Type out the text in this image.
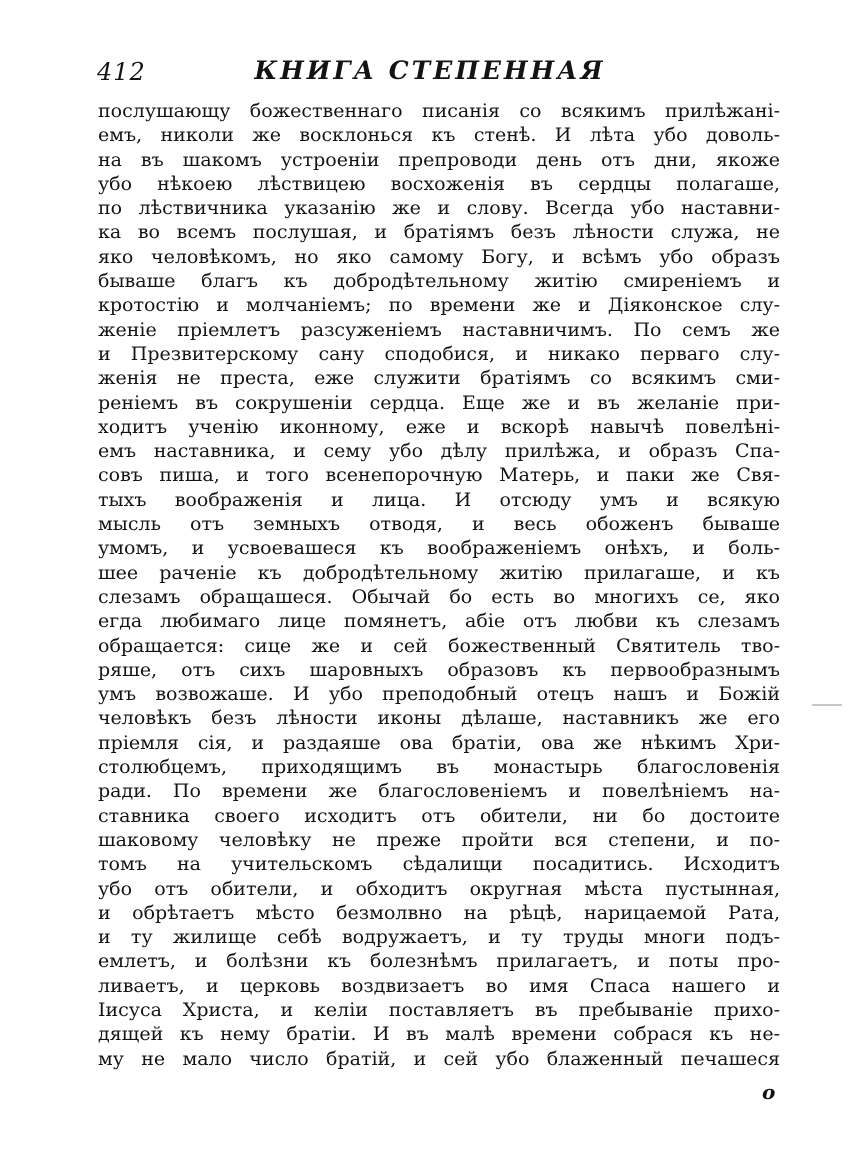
412	КНИГА СТЕПЕННАЯ
послушающу божественнаго писанія со всякимъ прилѣжані-
емъ, николи же восклонься къ стенѣ. И лѣта убо доволь-
на въ шакомъ устроеніи препроводи день отъ дни, якоже
убо нѣкоею лѣствицею восхоженія въ сердцы полагаше,
по лѣствичника указанію же и слову. Всегда убо наставни-
ка во всемъ послушая, и братіямъ безъ лѣности служа, не
яко человѣкомъ, но яко самому Богу, и всѣмъ убо образъ
бываше благъ къ добродѣтельному житію смиреніемъ и
кротостію и молчаніемъ; по времени же и Діяконское слу-
женіе пріемлетъ разсуженіемъ наставничимъ. По семъ же
и Презвитерскому сану сподобися, и никако перваго слу-
женія не преста, еже служити братіямъ со всякимъ сми-
реніемъ въ сокрушеніи сердца. Еще же и въ желаніе при-
ходитъ ученію иконному, еже и вскорѣ навычѣ повелѣні-
емъ наставника, и сему убо дѣлу прилѣжа, и образъ Спа-
совъ пиша, и того всенепорочную Матерь, и паки же Свя-
тыхъ воображенія и лица. И отсюду умъ и всякую
мысль отъ земныхъ отводя, и весь обоженъ бываше
умомъ, и усвоевашеся къ воображеніемъ онѣхъ, и боль-
шее раченіе къ добродѣтельному житію прилагаше, и къ
слезамъ обращашеся. Обычай бо есть во многихъ се, яко
егда любимаго лице помянетъ, абіе отъ любви къ слезамъ
обращается: сице же и сей божественный Святитель тво-
ряше, отъ сихъ шаровныхъ образовъ къ первообразнымъ
умъ возвожаше. И убо преподобный отецъ нашъ и Божій
человѣкъ безъ лѣности иконы дѣлаше, наставникъ же его
пріемля сія, и раздаяше ова братіи, ова же нѣкимъ Хри-
столюбцемъ, приходящимъ въ монастырь благословенія
ради. По времени же благословеніемъ и повелѣніемъ на-
ставника своего исходитъ отъ обители, ни бо достоите
шаковому человѣку не преже пройти вся степени, и по-
томъ на учительскомъ сѣдалищи посадитись. Исходитъ
убо отъ обители, и обходитъ округная мѣста пустынная,
и обрѣтаетъ мѣсто безмолвно на рѣцѣ, нарицаемой Рата,
и ту жилище себѣ водружаетъ, и ту труды многи подъ-
емлетъ, и болѣзни къ болезнѣмъ прилагаетъ, и поты про-
ливаетъ, и церковь воздвизаетъ во имя Спаса нашего и
Іисуса Христа, и келіи поставляетъ въ пребываніе прихо-
дящей къ нему братіи. И въ малѣ времени собрася къ не-
му не мало число братій, и сей убо блаженный печашеся
о
